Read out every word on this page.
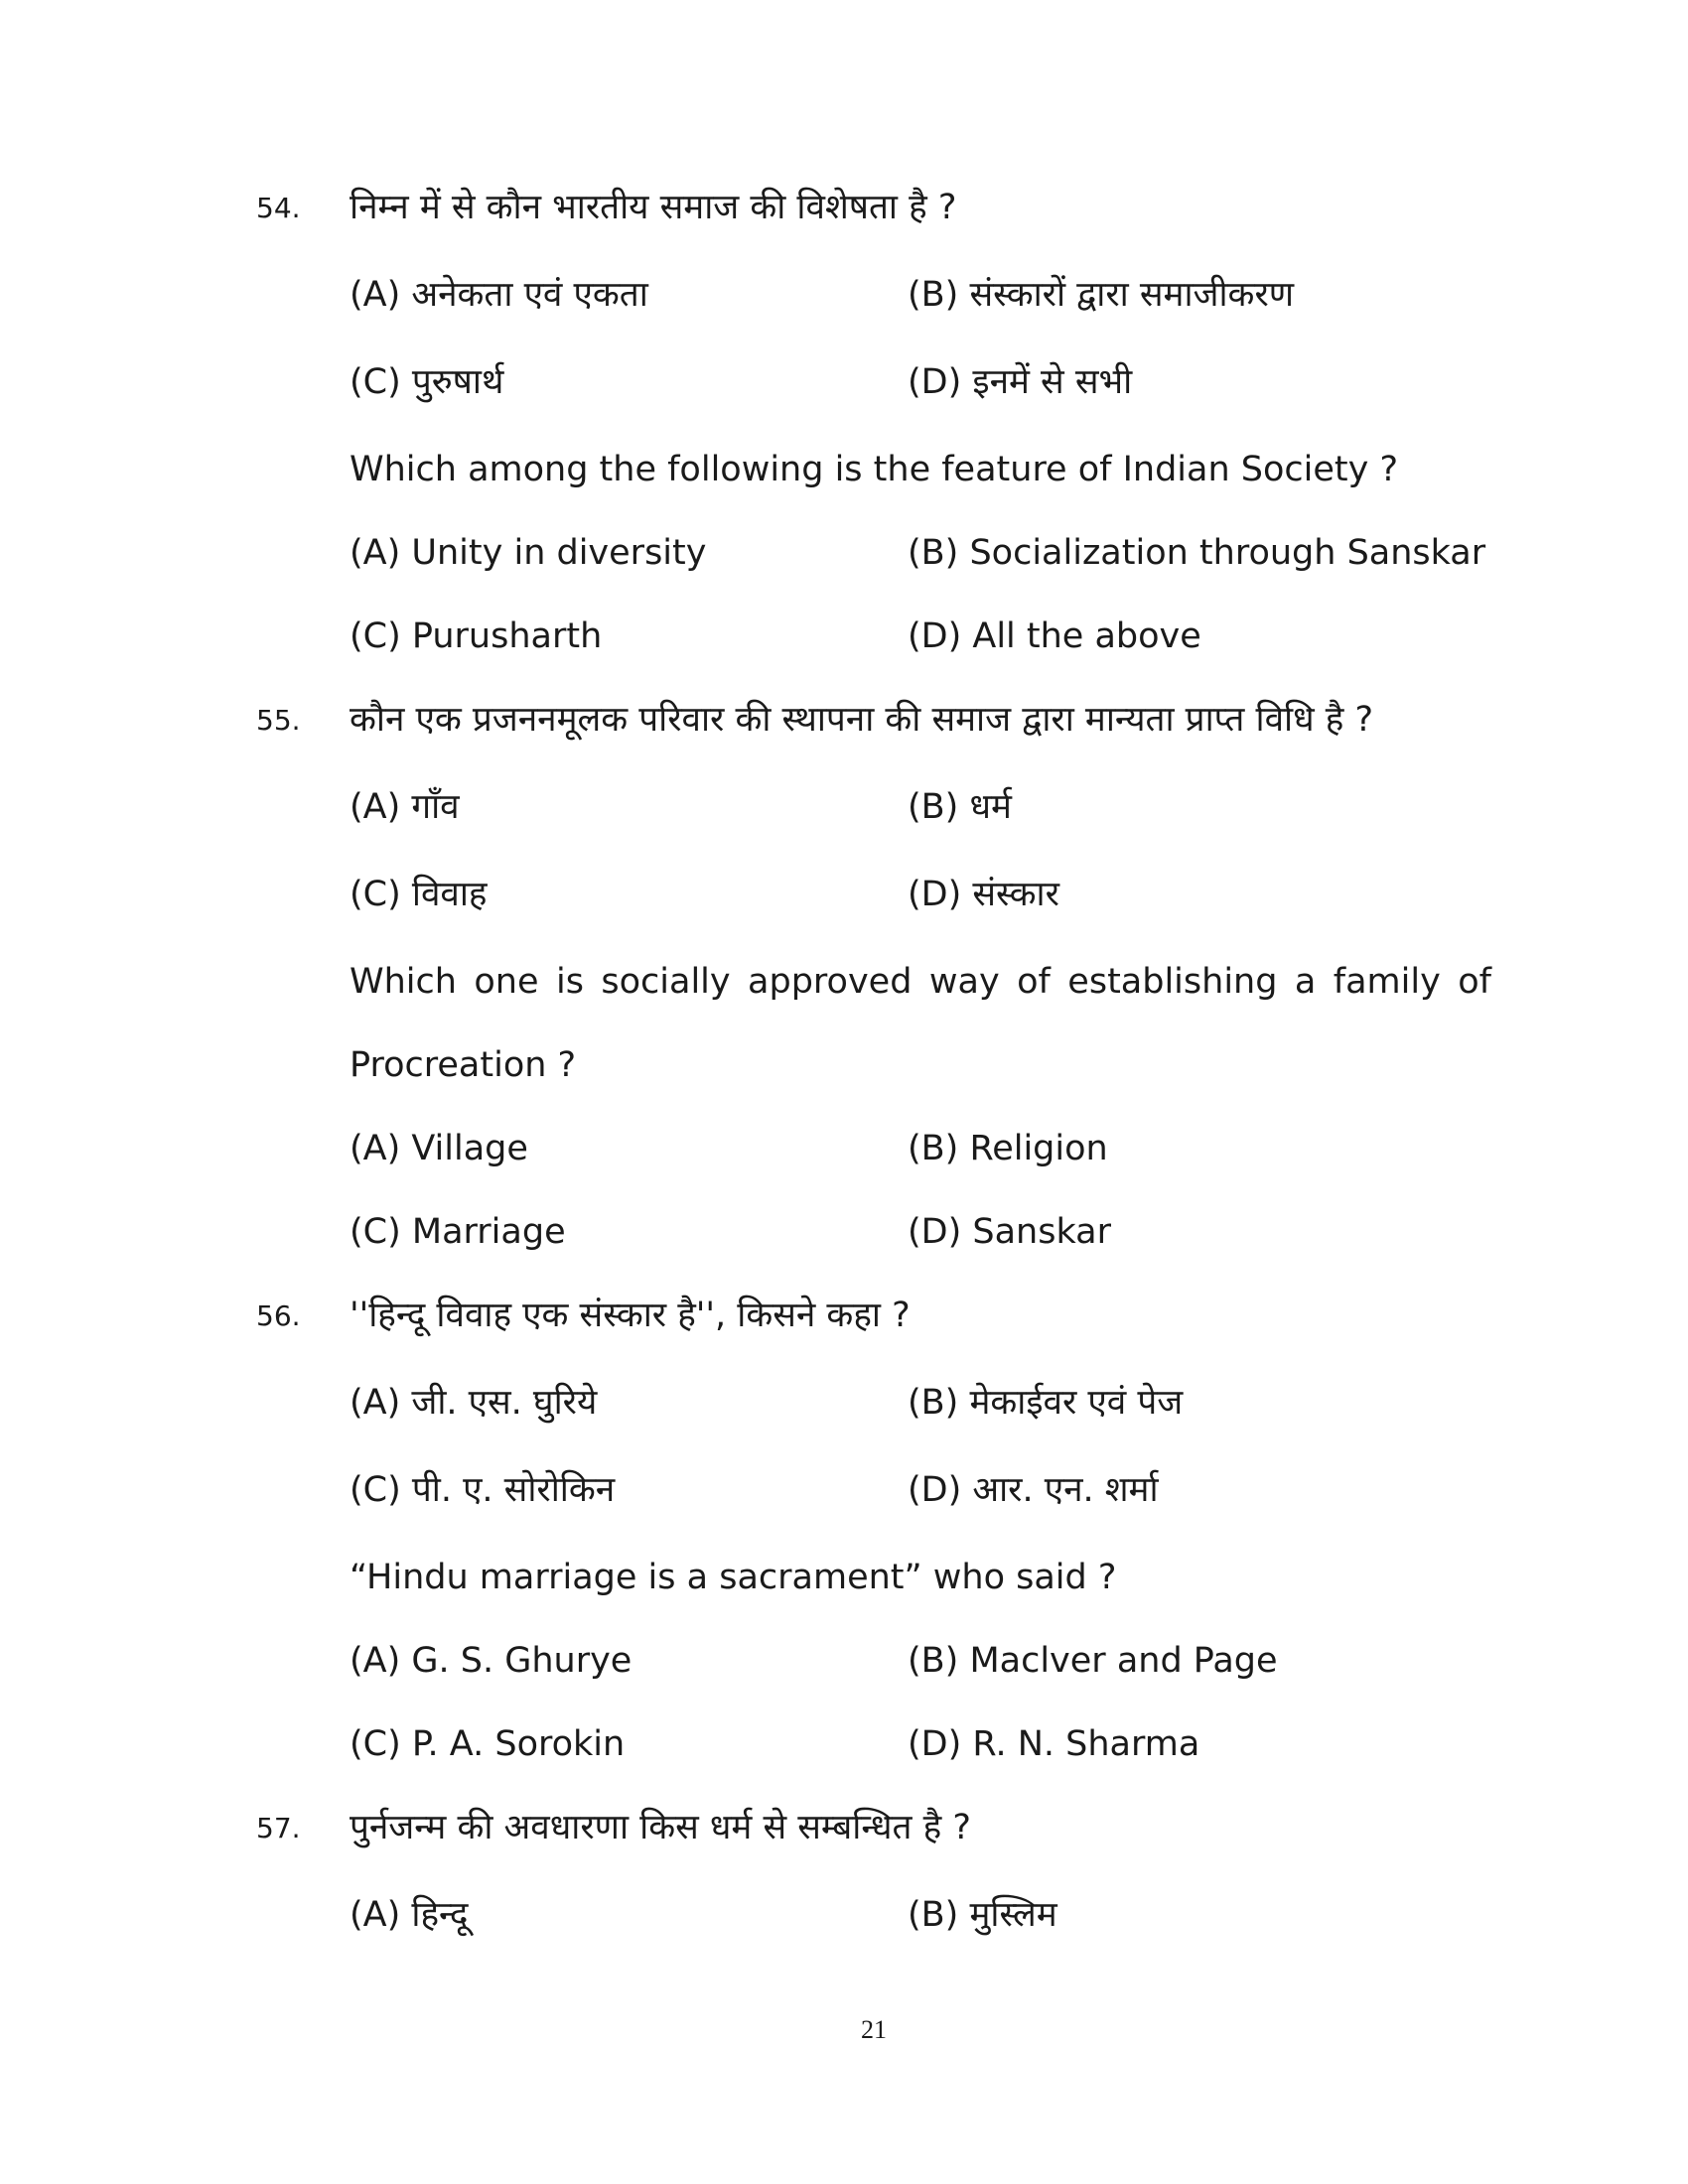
54. निम्न में से कौन भारतीय समाज की विशेषता है ?
(A) अनेकता एवं एकता	(B) संस्कारों द्वारा समाजीकरण
(C) पुरुषार्थ	(D) इनमें से सभी
Which among the following is the feature of Indian Society ?
(A) Unity in diversity	(B) Socialization through Sanskar
(C) Purusharth	(D) All the above
55. कौन एक प्रजननमूलक परिवार की स्थापना की समाज द्वारा मान्यता प्राप्त विधि है ?
(A) गाँव	(B) धर्म
(C) विवाह	(D) संस्कार
Which one is socially approved way of establishing a family of
Procreation ?
(A) Village	(B) Religion
(C) Marriage	(D) Sanskar
56. ''हिन्दू विवाह एक संस्कार है'', किसने कहा ?
(A) जी. एस. घुरिये	(B) मेकाईवर एवं पेज
(C) पी. ए. सोरोकिन	(D) आर. एन. शर्मा
“Hindu marriage is a sacrament” who said ?
(A) G. S. Ghurye	(B) Maclver and Page
(C) P. A. Sorokin	(D) R. N. Sharma
57. पुर्नजन्म की अवधारणा किस धर्म से सम्बन्धित है ?
(A) हिन्दू	(B) मुस्लिम
21
